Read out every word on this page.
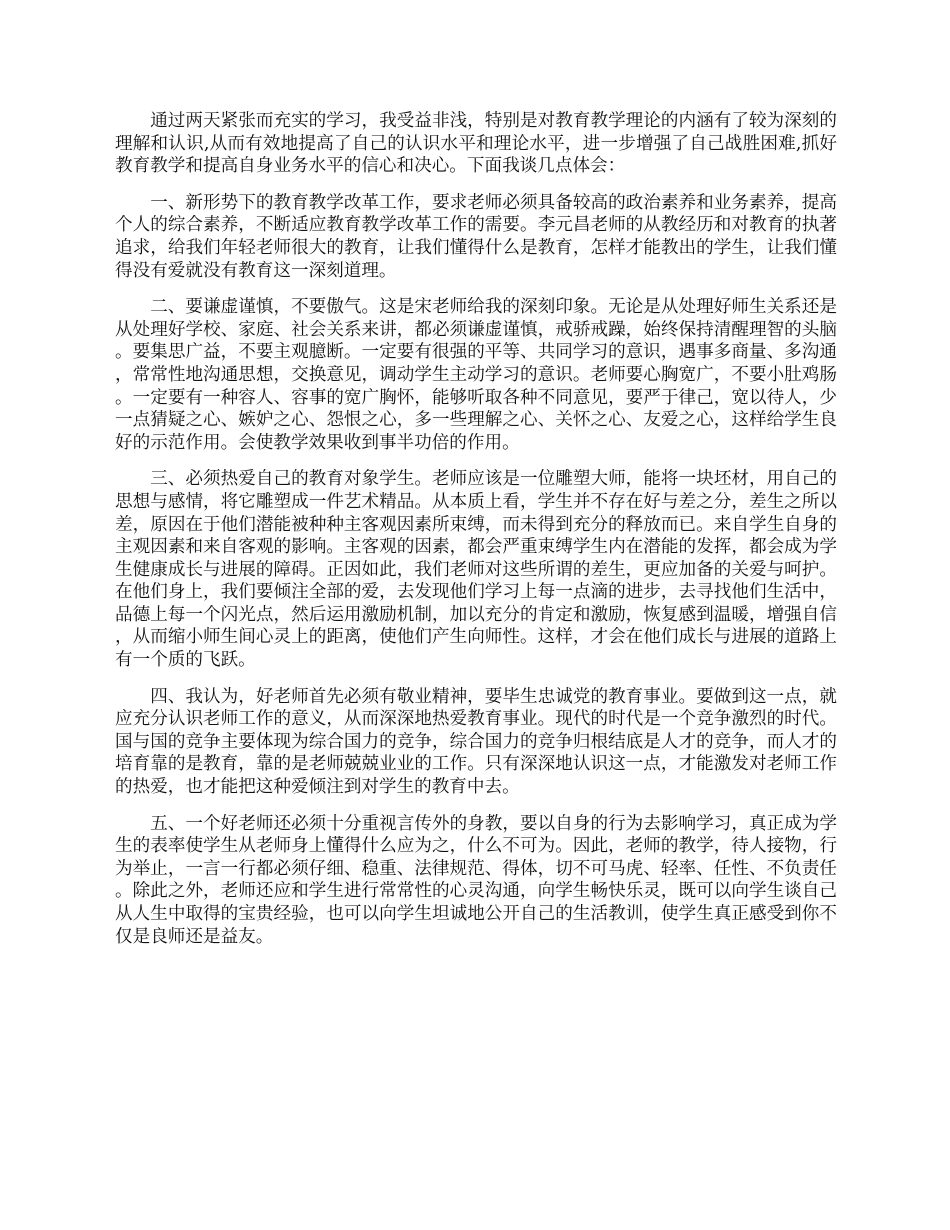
通过两天紧张而充实的学习，我受益非浅，特别是对教育教学理论的内涵有了较为深刻的理解和认识,从而有效地提高了自己的认识水平和理论水平，进一步增强了自己战胜困难,抓好教育教学和提高自身业务水平的信心和决心。下面我谈几点体会：

一、新形势下的教育教学改革工作，要求老师必须具备较高的政治素养和业务素养，提高个人的综合素养，不断适应教育教学改革工作的需要。李元昌老师的从教经历和对教育的执著追求，给我们年轻老师很大的教育，让我们懂得什么是教育，怎样才能教出的学生，让我们懂得没有爱就没有教育这一深刻道理。

二、要谦虚谨慎，不要傲气。这是宋老师给我的深刻印象。无论是从处理好师生关系还是从处理好学校、家庭、社会关系来讲，都必须谦虚谨慎，戒骄戒躁，始终保持清醒理智的头脑。要集思广益，不要主观臆断。一定要有很强的平等、共同学习的意识，遇事多商量、多沟通，常常性地沟通思想，交换意见，调动学生主动学习的意识。老师要心胸宽广，不要小肚鸡肠。一定要有一种容人、容事的宽广胸怀，能够听取各种不同意见，要严于律己，宽以待人，少一点猜疑之心、嫉妒之心、怨恨之心，多一些理解之心、关怀之心、友爱之心，这样给学生良好的示范作用。会使教学效果收到事半功倍的作用。

三、必须热爱自己的教育对象学生。老师应该是一位雕塑大师，能将一块坯材，用自己的思想与感情，将它雕塑成一件艺术精品。从本质上看，学生并不存在好与差之分，差生之所以 差，原因在于他们潜能被种种主客观因素所束缚，而未得到充分的释放而已。来自学生自身的主观因素和来自客观的影响。主客观的因素，都会严重束缚学生内在潜能的发挥，都会成为学生健康成长与进展的障碍。正因如此，我们老师对这些所谓的差生，更应加备的关爱与呵护。在他们身上，我们要倾注全部的爱，去发现他们学习上每一点滴的进步，去寻找他们生活中，品德上每一个闪光点，然后运用激励机制，加以充分的肯定和激励，恢复感到温暖，增强自信，从而缩小师生间心灵上的距离，使他们产生向师性。这样，才会在他们成长与进展的道路上有一个质的飞跃。

四、我认为，好老师首先必须有敬业精神，要毕生忠诚党的教育事业。要做到这一点，就应充分认识老师工作的意义，从而深深地热爱教育事业。现代的时代是一个竞争激烈的时代。国与国的竞争主要体现为综合国力的竞争，综合国力的竞争归根结底是人才的竞争，而人才的培育靠的是教育，靠的是老师兢兢业业的工作。只有深深地认识这一点，才能激发对老师工作的热爱，也才能把这种爱倾注到对学生的教育中去。

五、一个好老师还必须十分重视言传外的身教，要以自身的行为去影响学习，真正成为学生的表率使学生从老师身上懂得什么应为之，什么不可为。因此，老师的教学，待人接物，行为举止，一言一行都必须仔细、稳重、法律规范、得体，切不可马虎、轻率、任性、不负责任。除此之外，老师还应和学生进行常常性的心灵沟通，向学生畅快乐灵，既可以向学生谈自己从人生中取得的宝贵经验，也可以向学生坦诚地公开自己的生活教训，使学生真正感受到你不仅是良师还是益友。
